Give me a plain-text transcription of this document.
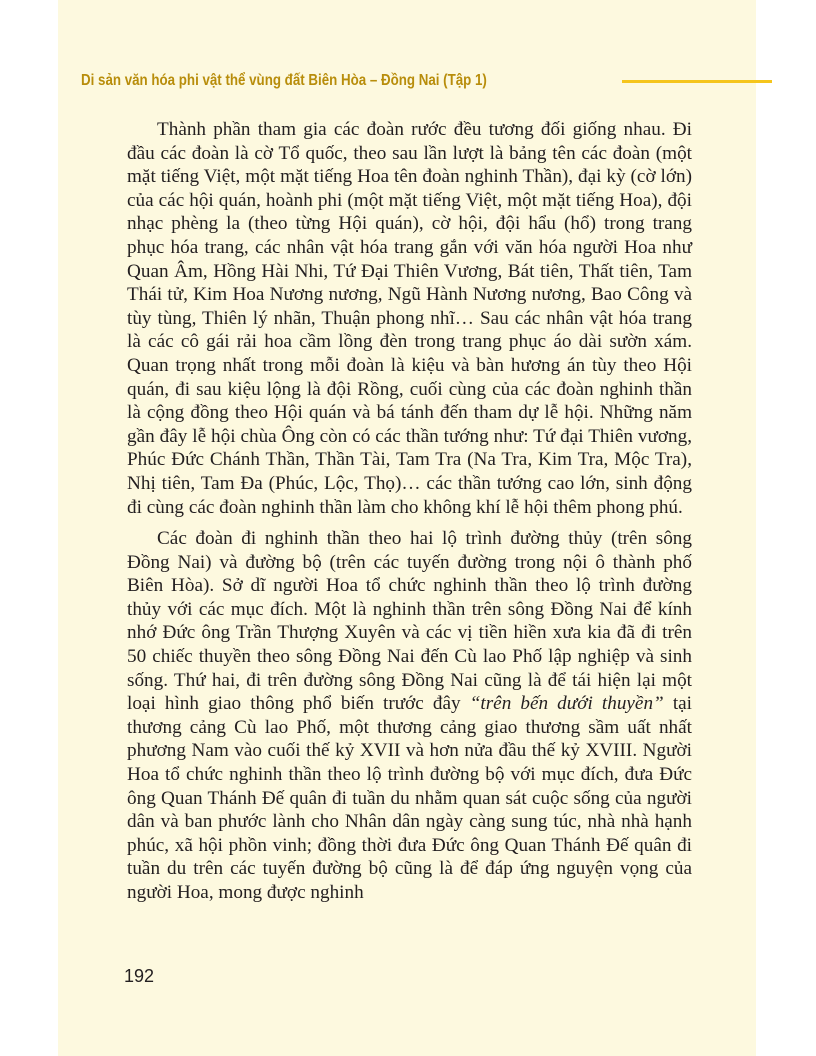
Di sản văn hóa phi vật thể vùng đất Biên Hòa – Đồng Nai (Tập 1)

Thành phần tham gia các đoàn rước đều tương đối giống nhau. Đi đầu các đoàn là cờ Tổ quốc, theo sau lần lượt là bảng tên các đoàn (một mặt tiếng Việt, một mặt tiếng Hoa tên đoàn nghinh Thần), đại kỳ (cờ lớn) của các hội quán, hoành phi (một mặt tiếng Việt, một mặt tiếng Hoa), đội nhạc phèng la (theo từng Hội quán), cờ hội, đội hẩu (hổ) trong trang phục hóa trang, các nhân vật hóa trang gắn với văn hóa người Hoa như Quan Âm, Hồng Hài Nhi, Tứ Đại Thiên Vương, Bát tiên, Thất tiên, Tam Thái tử, Kim Hoa Nương nương, Ngũ Hành Nương nương, Bao Công và tùy tùng, Thiên lý nhãn, Thuận phong nhĩ… Sau các nhân vật hóa trang là các cô gái rải hoa cầm lồng đèn trong trang phục áo dài sườn xám. Quan trọng nhất trong mỗi đoàn là kiệu và bàn hương án tùy theo Hội quán, đi sau kiệu lộng là đội Rồng, cuối cùng của các đoàn nghinh thần là cộng đồng theo Hội quán và bá tánh đến tham dự lễ hội. Những năm gần đây lễ hội chùa Ông còn có các thần tướng như: Tứ đại Thiên vương, Phúc Đức Chánh Thần, Thần Tài, Tam Tra (Na Tra, Kim Tra, Mộc Tra), Nhị tiên, Tam Đa (Phúc, Lộc, Thọ)… các thần tướng cao lớn, sinh động đi cùng các đoàn nghinh thần làm cho không khí lễ hội thêm phong phú.

Các đoàn đi nghinh thần theo hai lộ trình đường thủy (trên sông Đồng Nai) và đường bộ (trên các tuyến đường trong nội ô thành phố Biên Hòa). Sở dĩ người Hoa tổ chức nghinh thần theo lộ trình đường thủy với các mục đích. Một là nghinh thần trên sông Đồng Nai để kính nhớ Đức ông Trần Thượng Xuyên và các vị tiền hiền xưa kia đã đi trên 50 chiếc thuyền theo sông Đồng Nai đến Cù lao Phố lập nghiệp và sinh sống. Thứ hai, đi trên đường sông Đồng Nai cũng là để tái hiện lại một loại hình giao thông phổ biến trước đây “trên bến dưới thuyền” tại thương cảng Cù lao Phố, một thương cảng giao thương sầm uất nhất phương Nam vào cuối thế kỷ XVII và hơn nửa đầu thế kỷ XVIII. Người Hoa tổ chức nghinh thần theo lộ trình đường bộ với mục đích, đưa Đức ông Quan Thánh Đế quân đi tuần du nhằm quan sát cuộc sống của người dân và ban phước lành cho Nhân dân ngày càng sung túc, nhà nhà hạnh phúc, xã hội phồn vinh; đồng thời đưa Đức ông Quan Thánh Đế quân đi tuần du trên các tuyến đường bộ cũng là để đáp ứng nguyện vọng của người Hoa, mong được nghinh

192
